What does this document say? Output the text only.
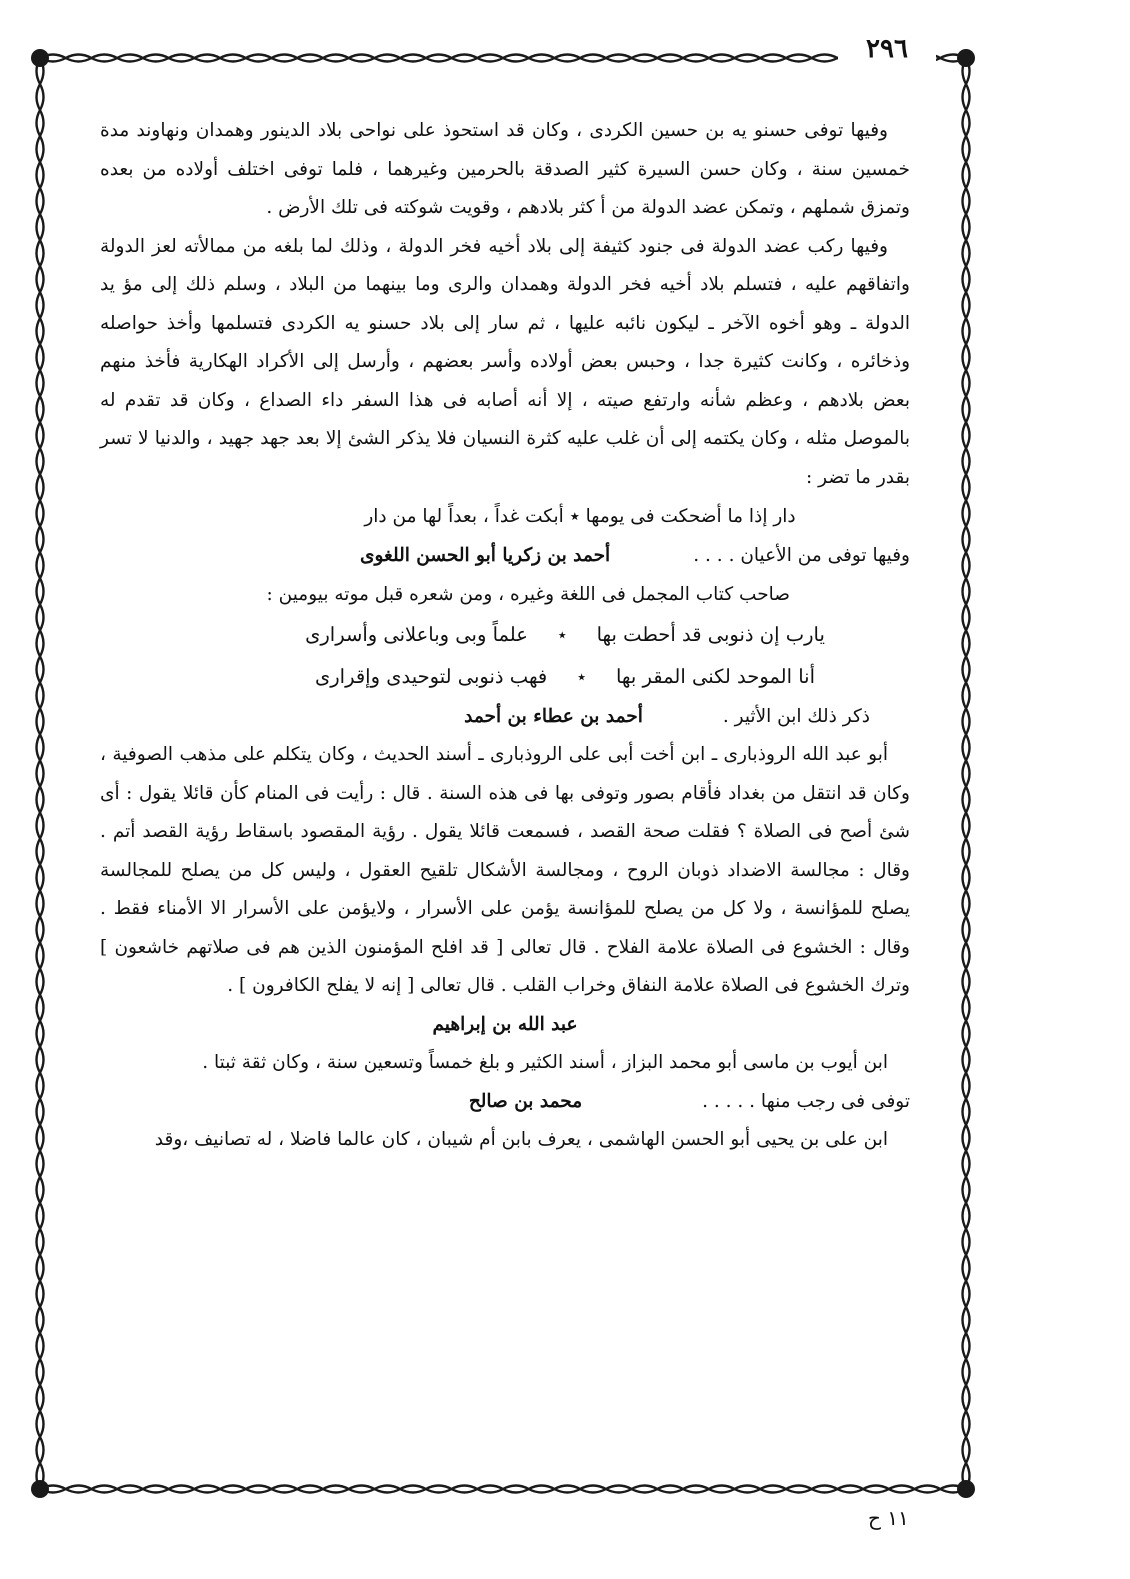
٢٩٦

وفيها توفى حسنو يه بن حسين الكردى ، وكان قد استحوذ على نواحى بلاد الدينور وهمدان ونهاوند مدة خمسين سنة ، وكان حسن السيرة كثير الصدقة بالحرمين وغيرهما ، فلما توفى اختلف أولاده من بعده وتمزق شملهم ، وتمكن عضد الدولة من أ كثر بلادهم ، وقويت شوكته فى تلك الأرض .

وفيها ركب عضد الدولة فى جنود كثيفة إلى بلاد أخيه فخر الدولة ، وذلك لما بلغه من ممالأته لعز الدولة واتفاقهم عليه ، فتسلم بلاد أخيه فخر الدولة وهمدان والرى وما بينهما من البلاد ، وسلم ذلك إلى مؤ يد الدولة ـ وهو أخوه الآخر ـ ليكون نائبه عليها ، ثم سار إلى بلاد حسنو يه الكردى فتسلمها وأخذ حواصله وذخائره ، وكانت كثيرة جدا ، وحبس بعض أولاده وأسر بعضهم ، وأرسل إلى الأكراد الهكارية فأخذ منهم بعض بلادهم ، وعظم شأنه وارتفع صيته ، إلا أنه أصابه فى هذا السفر داء الصداع ، وكان قد تقدم له بالموصل مثله ، وكان يكتمه إلى أن غلب عليه كثرة النسيان فلا يذكر الشئ إلا بعد جهد جهيد ، والدنيا لا تسر بقدر ما تضر :

دار إذا ما أضحكت فى يومها ٭ أبكت غداً ، بعداً لها من دار

وفيها توفى من الأعيان . . . .
أحمد بن زكريا أبو الحسن اللغوى

صاحب كتاب المجمل فى اللغة وغيره ، ومن شعره قبل موته بيومين :

يارب إن ذنوبى قد أحطت بها
٭
علماً وبى وباعلانى وأسرارى
أنا الموحد لكنى المقر بها
٭
فهب ذنوبى لتوحيدى وإقرارى
ذكر ذلك ابن الأثير .
أحمد بن عطاء بن أحمد

أبو عبد الله الروذبارى ـ ابن أخت أبى على الروذبارى ـ أسند الحديث ، وكان يتكلم على مذهب الصوفية ، وكان قد انتقل من بغداد فأقام بصور وتوفى بها فى هذه السنة . قال : رأيت فى المنام كأن قائلا يقول : أى شئ أصح فى الصلاة ؟ فقلت صحة القصد ، فسمعت قائلا يقول . رؤية المقصود باسقاط رؤية القصد أتم . وقال : مجالسة الاضداد ذوبان الروح ، ومجالسة الأشكال تلقيح العقول ، وليس كل من يصلح للمجالسة يصلح للمؤانسة ، ولا كل من يصلح للمؤانسة يؤمن على الأسرار ، ولايؤمن على الأسرار الا الأمناء فقط . وقال : الخشوع فى الصلاة علامة الفلاح . قال تعالى [ قد افلح المؤمنون الذين هم فى صلاتهم خاشعون ] وترك الخشوع فى الصلاة علامة النفاق وخراب القلب . قال تعالى [ إنه لا يفلح الكافرون ] .

عبد الله بن إبراهيم

ابن أيوب بن ماسى أبو محمد البزاز ، أسند الكثير و بلغ خمساً وتسعين سنة ، وكان ثقة ثبتا .

توفى فى رجب منها . . . . .
محمد بن صالح

ابن على بن يحيى أبو الحسن الهاشمى ، يعرف بابن أم شيبان ، كان عالما فاضلا ، له تصانيف ،وقد

١١ ح
